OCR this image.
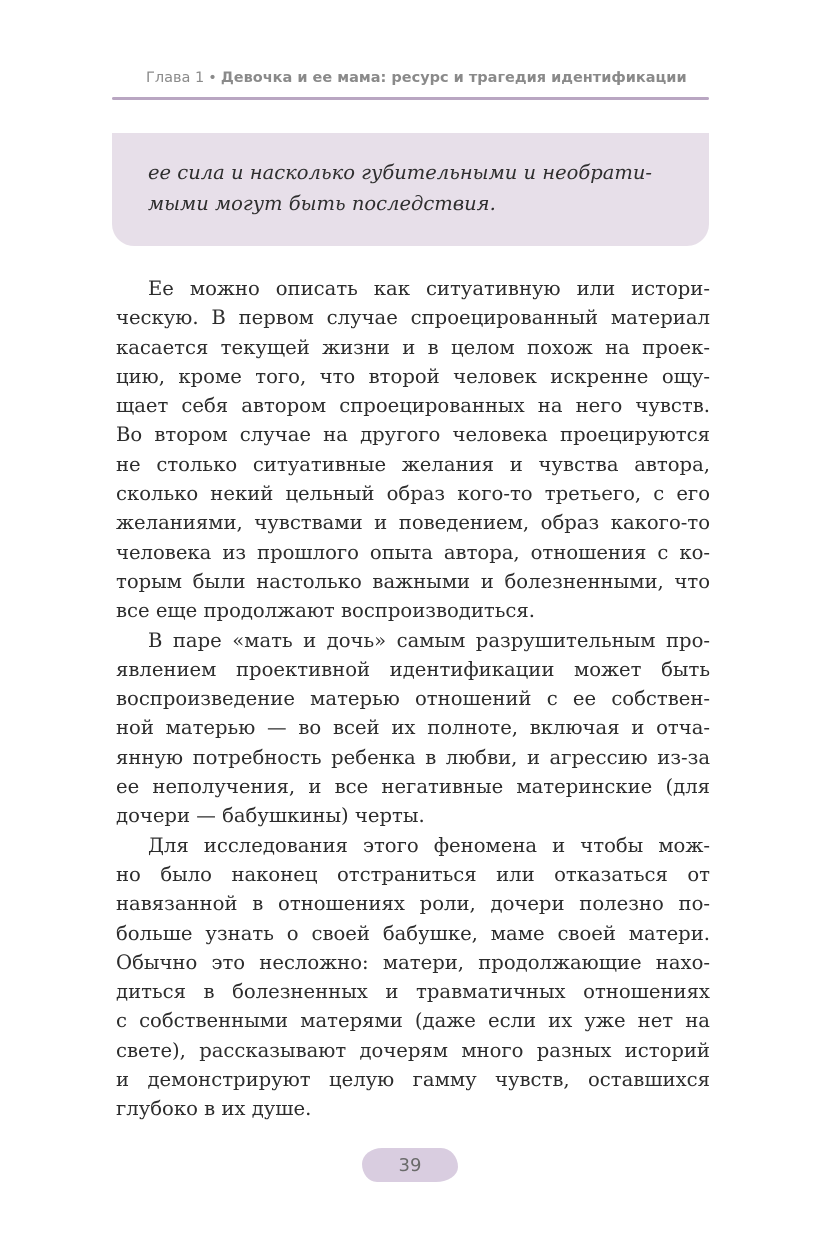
Глава 1 • Девочка и ее мама: ресурс и трагедия идентификации

ее сила и насколько губительными и необрати-
мыми могут быть последствия.

Ее можно описать как ситуативную или истори-
ческую. В первом случае спроецированный материал
касается текущей жизни и в целом похож на проек-
цию, кроме того, что второй человек искренне ощу-
щает себя автором спроецированных на него чувств.
Во втором случае на другого человека проецируются
не столько ситуативные желания и чувства автора,
сколько некий цельный образ кого-то третьего, с его
желаниями, чувствами и поведением, образ какого-то
человека из прошлого опыта автора, отношения с ко-
торым были настолько важными и болезненными, что
все еще продолжают воспроизводиться.
В паре «мать и дочь» самым разрушительным про-
явлением проективной идентификации может быть
воспроизведение матерью отношений с ее собствен-
ной матерью — во всей их полноте, включая и отча-
янную потребность ребенка в любви, и агрессию из-за
ее неполучения, и все негативные материнские (для
дочери — бабушкины) черты.
Для исследования этого феномена и чтобы мож-
но было наконец отстраниться или отказаться от
навязанной в отношениях роли, дочери полезно по-
больше узнать о своей бабушке, маме своей матери.
Обычно это несложно: матери, продолжающие нахо-
диться в болезненных и травматичных отношениях
с собственными матерями (даже если их уже нет на
свете), рассказывают дочерям много разных историй
и демонстрируют целую гамму чувств, оставшихся
глубоко в их душе.
39
